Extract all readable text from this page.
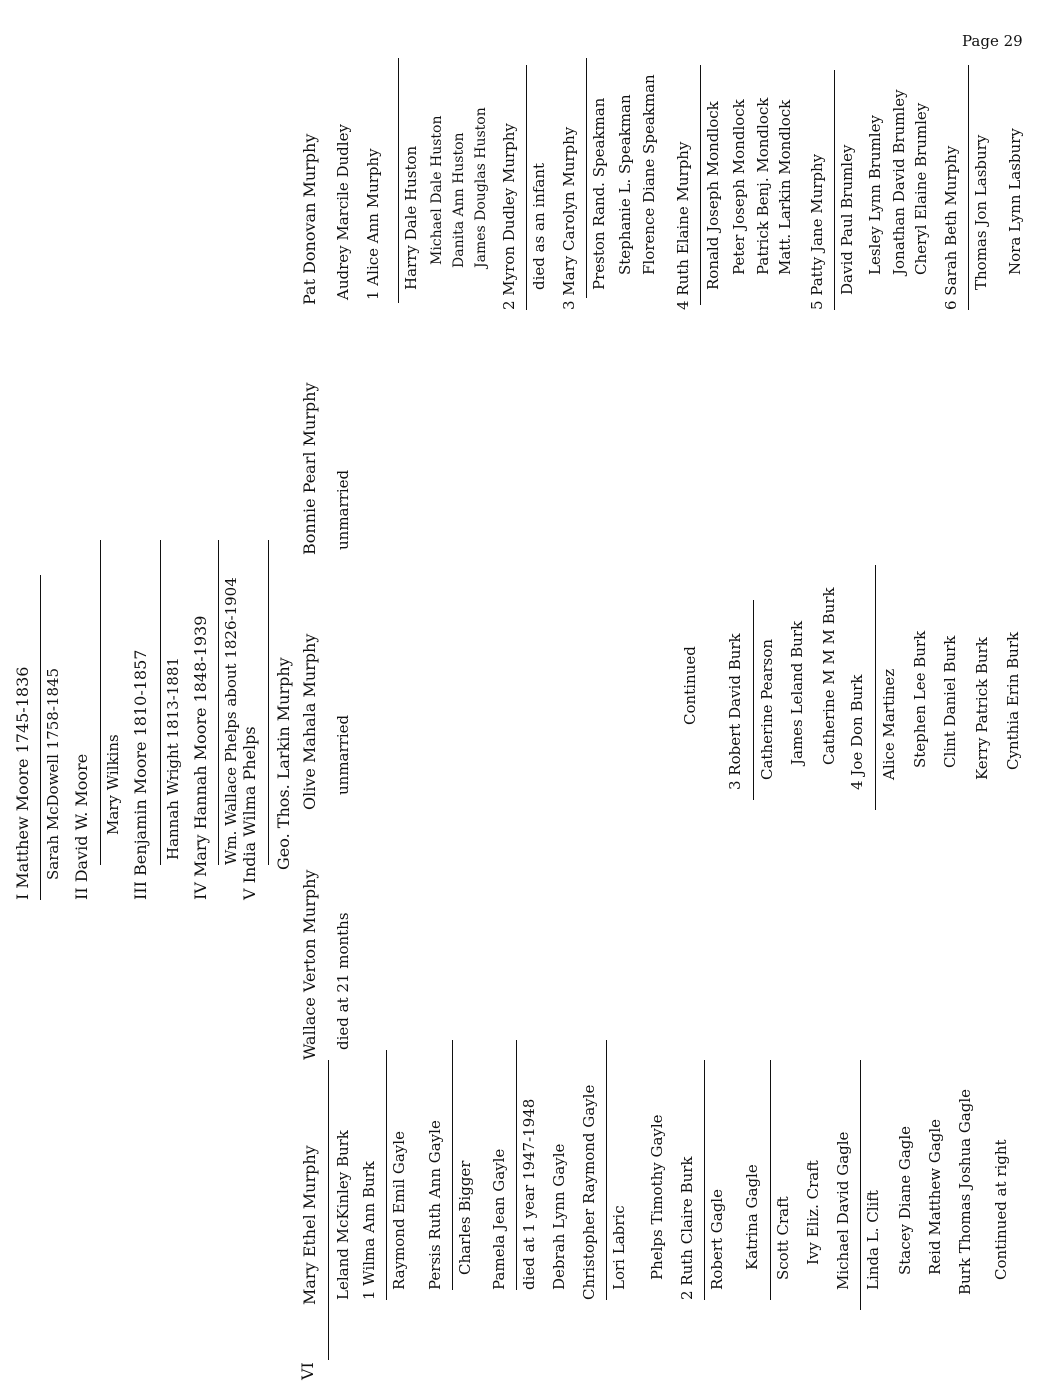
Page 29
I Matthew Moore 1745-1836 Sarah McDowell 1758-1845 II David W. Moore Mary Wilkins III Benjamin Moore 1810-1857 Hannah Wright 1813-1881 IV Mary Hannah Moore 1848-1939 Wm. Wallace Phelps about 1826-1904 V India Wilma Phelps Geo. Thos. Larkin Murphy
VI
Mary Ethel Murphy
Wallace Verton Murphy
Olive Mahala Murphy
Bonnie Pearl Murphy
Pat Donovan Murphy
died at 21 months
unmarried
unmarried
Leland McKinley Burk 1 Wilma Ann Burk Raymond Emil Gayle Persis Ruth Ann Gayle Charles Bigger Pamela Jean Gayle died at 1 year 1947-1948 Debrah Lynn Gayle Christopher Raymond Gayle Lori Labric Phelps Timothy Gayle 2 Ruth Claire Burk Robert Gagle Katrina Gagle Scott Craft Ivy Eliz. Craft Michael David Gagle Linda L. Clift Stacey Diane Gagle Reid Matthew Gagle Burk Thomas Joshua Gagle Continued at right
Continued 3 Robert David Burk Catherine Pearson James Leland Burk Catherine M M M Burk 4 Joe Don Burk Alice Martinez Stephen Lee Burk Clint Daniel Burk Kerry Patrick Burk Cynthia Erin Burk
Audrey Marcile Dudley 1 Alice Ann Murphy Harry Dale Huston Michael Dale Huston Danita Ann Huston James Douglas Huston 2 Myron Dudley Murphy died as an infant 3 Mary Carolyn Murphy Preston Rand. Speakman Stephanie L. Speakman Florence Diane Speakman 4 Ruth Elaine Murphy Ronald Joseph Mondlock Peter Joseph Mondlock Patrick Benj. Mondlock Matt. Larkin Mondlock 5 Patty Jane Murphy David Paul Brumley Lesley Lynn Brumley Jonathan David Brumley Cheryl Elaine Brumley 6 Sarah Beth Murphy Thomas Jon Lasbury Nora Lynn Lasbury
